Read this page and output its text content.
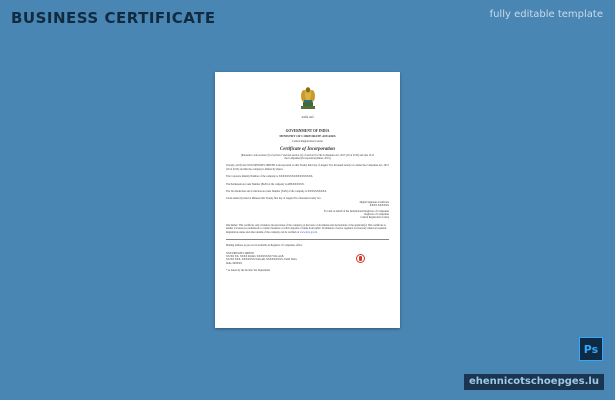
BUSINESS CERTIFICATE	fully editable template
सत्यमेव जयते
GOVERNMENT OF INDIA
MINISTRY OF CORPORATE AFFAIRS
Central Registration Centre
Certificate of Incorporation
[Pursuant to sub-section (2) of section 7 and sub-section (1) of section 8 of the Companies Act, 2013 (18 of 2013) and rule 18 of the Companies (Incorporation) Rules, 2014]
I hereby certify that XXX PRIVATE LIMITED is incorporated on this Twenty third day of August Two thousand twenty two under the Companies Act, 2013 (18 of 2013) and that the company is limited by shares.
The Corporate Identity Number of the company is XXXXXXXXXXXXXXXXXX.
The Permanent Account Number (PAN) of the company is ABXXXXXXX.
The Tax Deduction and Collection Account Number (TAN) of the company is XXXXXXXXXX.
Given under my hand at Manesar this Twenty first day of August Two thousand twenty two.
Digital Signature Certificate
XXXX XXXXXX
For and on behalf of the Jurisdictional Registrar of Companies
Registrar of Companies
Central Registration Centre
Disclaimer: This certificate only evidences incorporation of the company on the basis of documents and declarations of the applicant(s). This certificate is neither a license nor permission to conduct business or solicit deposits or funds from public. Permission of sector regulator is necessary wherever required. Registration status and other details of the company can be verified on www.mca.gov.in
Mailing Address as per record available in Registrar of Companies office:
XXX PRIVATE LIMITED
XX NO XX, XXXX ROAD, XXXXXXXX VILLAGE,
XX NO XXX, XXXXXXX NAGAR, XXXXXXXXX, Tamil Nadu,
India, 600XXX
* as issued by the Income Tax Department
Ps
ehennicotschoepges.lu
